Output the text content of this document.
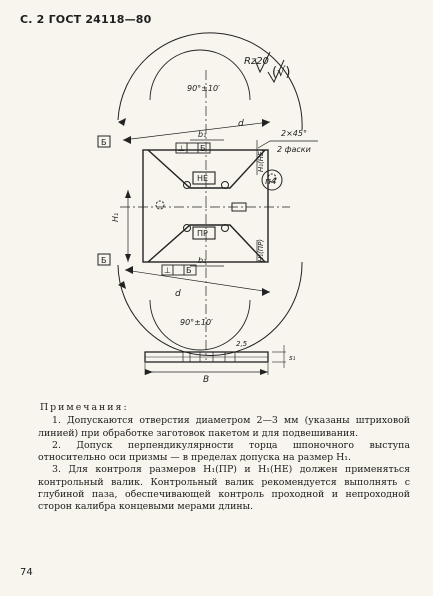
С. 2 ГОСТ 24118—80
Rz20
(√)
90°±10′
90°±10′
2×45°
2 фаски
Б
Б
⊥ Б
⊥ Б
п4
НЕ
ПР
d
d
b₁
b₁
H₁
H₁(НЕ)
H₁(ПР)
2,5
s₁
B
Примечания:

1. Допускаются отверстия диаметром 2—3 мм (указаны штриховой линией) при обработке заготовок пакетом и для подвешивания.

2. Допуск перпендикулярности торца шпоночного выступа относительно оси призмы — в пределах допуска на размер H₁.

3. Для контроля размеров H₁(ПР) и H₁(НЕ) должен применяться контрольный валик. Контрольный валик рекомендуется выполнять с глубиной паза, обеспечивающей контроль проходной и непроходной сторон калибра концевыми мерами длины.

74
